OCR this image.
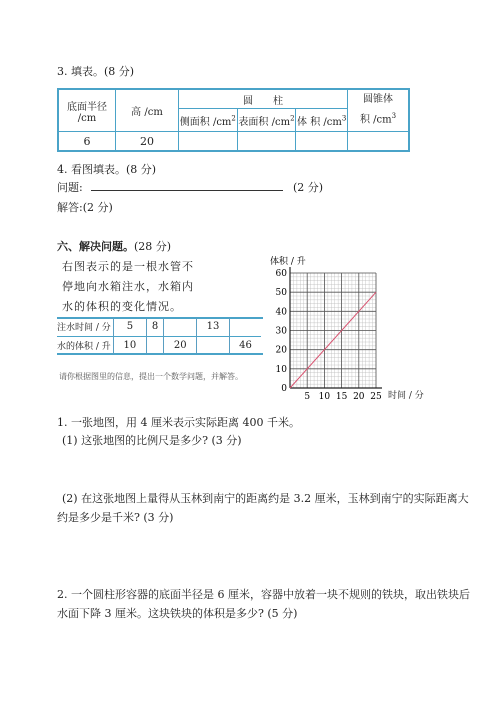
3. 填表。(8 分)
底面半径 /cm	高 /cm	圆　　柱			圆锥体
积 $/cm^3$

		侧面积 $/cm^2$	表面积 $/cm^2$	体 积 $/cm^3$
6	20				
4. 看图填表。(8 分)
问题:	(2 分)
解答:(2 分)
六、解决问题。(28 分)
右图表示的是一根水管不
停地向水箱注水，水箱内
水的体积的变化情况。
注水时间 / 分	5	8		13	
水的体积 / 升	10		20		46
请你根据图里的信息，提出一个数学问题，并解答。
0
10
20
30
40
50
60
5 10 15 20 25
体积 / 升
时间 / 分
1. 一张地图，用 4 厘米表示实际距离 400 千米。
(1) 这张地图的比例尺是多少? (3 分)
(2) 在这张地图上量得从玉林到南宁的距离约是 3.2 厘米，玉林到南宁的实际距离大
约是多少是千米? (3 分)
2. 一个圆柱形容器的底面半径是 6 厘米，容器中放着一块不规则的铁块，取出铁块后
水面下降 3 厘米。这块铁块的体积是多少? (5 分)
